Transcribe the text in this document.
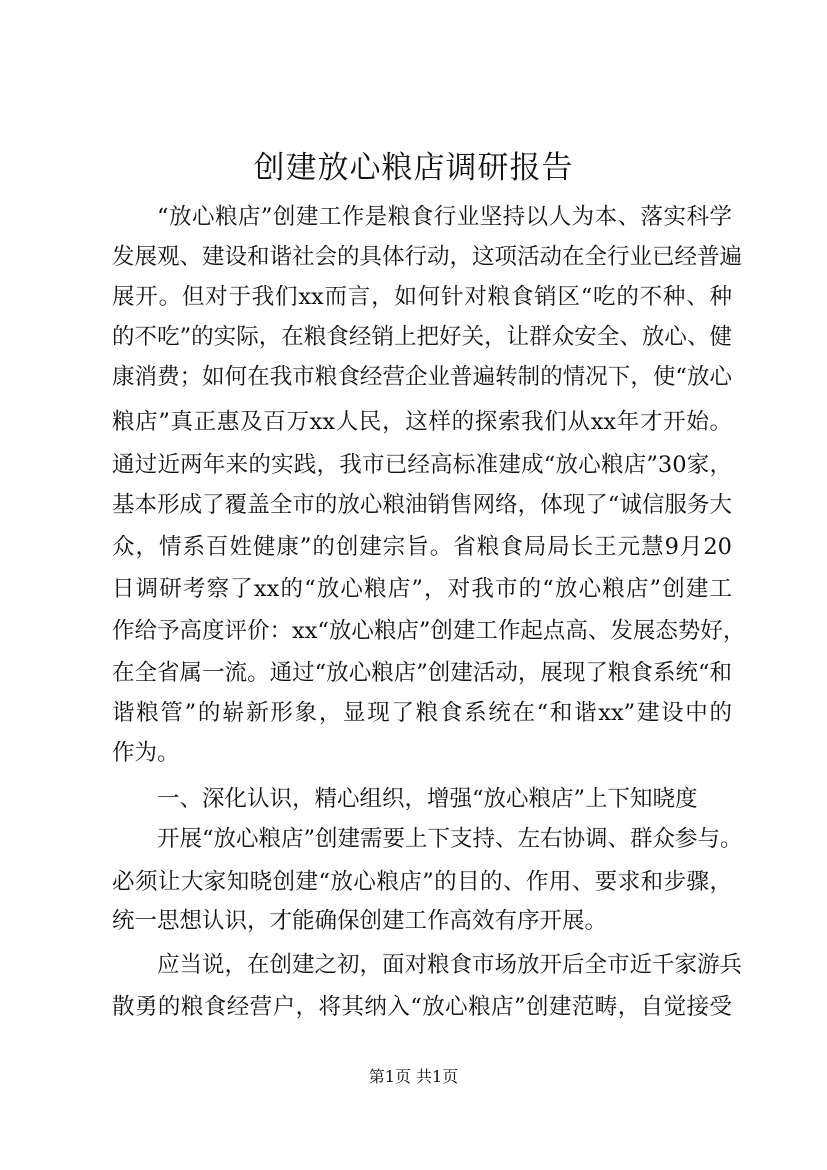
创建放心粮店调研报告
“放心粮店”创建工作是粮食行业坚持以人为本、落实科学
发展观、建设和谐社会的具体行动，这项活动在全行业已经普遍
展开。但对于我们xx而言，如何针对粮食销区“吃的不种、种
的不吃”的实际，在粮食经销上把好关，让群众安全、放心、健
康消费；如何在我市粮食经营企业普遍转制的情况下，使“放心
粮店”真正惠及百万xx人民，这样的探索我们从xx年才开始。
通过近两年来的实践，我市已经高标准建成“放心粮店”30家，
基本形成了覆盖全市的放心粮油销售网络，体现了“诚信服务大
众，情系百姓健康”的创建宗旨。省粮食局局长王元慧9月20
日调研考察了xx的“放心粮店”，对我市的“放心粮店”创建工
作给予高度评价：xx“放心粮店”创建工作起点高、发展态势好，
在全省属一流。通过“放心粮店”创建活动，展现了粮食系统“和
谐粮管”的崭新形象，显现了粮食系统在“和谐xx”建设中的
作为。
一、深化认识，精心组织，增强“放心粮店”上下知晓度
开展“放心粮店”创建需要上下支持、左右协调、群众参与。
必须让大家知晓创建“放心粮店”的目的、作用、要求和步骤，
统一思想认识，才能确保创建工作高效有序开展。
应当说，在创建之初，面对粮食市场放开后全市近千家游兵
散勇的粮食经营户，将其纳入“放心粮店”创建范畴，自觉接受
第1页 共1页
